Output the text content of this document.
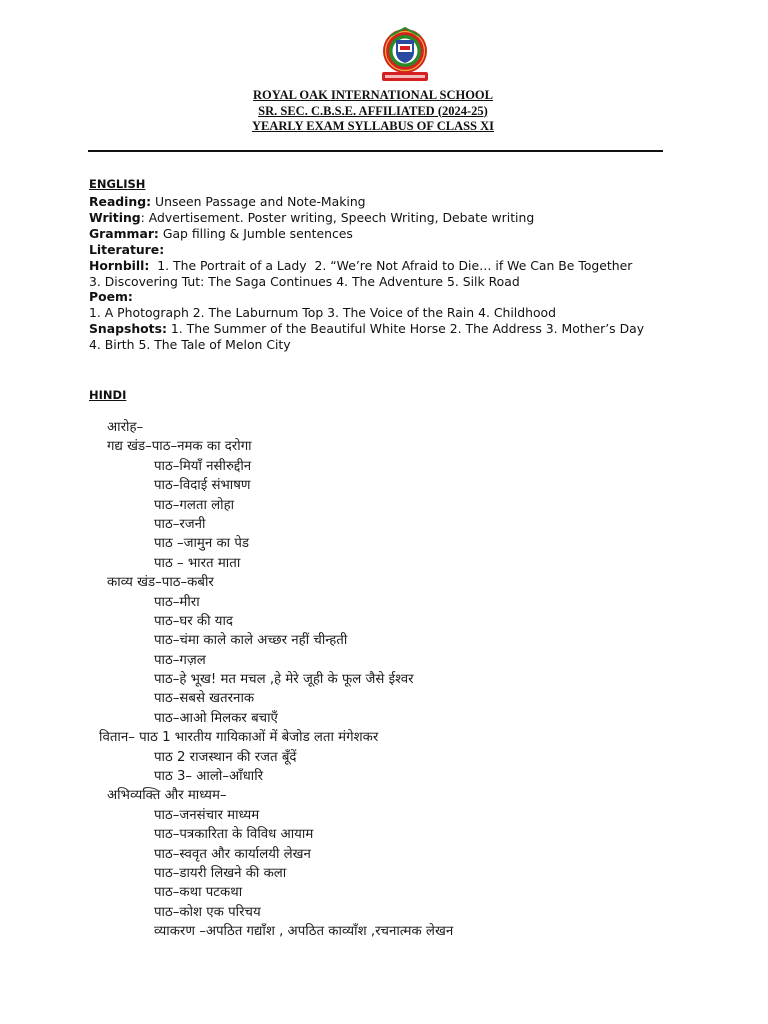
ROYAL OAK INTERNATIONAL SCHOOL
SR. SEC. C.B.S.E. AFFILIATED (2024-25)
YEARLY EXAM SYLLABUS OF CLASS XI
ENGLISH
Reading: Unseen Passage and Note-Making
Writing: Advertisement. Poster writing, Speech Writing, Debate writing
Grammar: Gap filling & Jumble sentences
Literature:
Hornbill:  1. The Portrait of a Lady  2. “We’re Not Afraid to Die… if We Can Be Together
3. Discovering Tut: The Saga Continues 4. The Adventure 5. Silk Road
Poem:
1. A Photograph 2. The Laburnum Top 3. The Voice of the Rain 4. Childhood
Snapshots: 1. The Summer of the Beautiful White Horse 2. The Address 3. Mother’s Day
4. Birth 5. The Tale of Melon City
HINDI
आरोह–
गद्य खंड–पाठ–नमक का दरोगा
पाठ–मियाँ नसीरुद्दीन
पाठ–विदाई संभाषण
पाठ–गलता लोहा
पाठ–रजनी
पाठ –जामुन का पेड
पाठ – भारत माता
काव्य खंड–पाठ–कबीर
पाठ–मीरा
पाठ–घर की याद
पाठ–चंमा काले काले अच्छर नहीं चीन्हती
पाठ–गज़ल
पाठ–हे भूख! मत मचल ,हे मेरे जूही के फूल जैसे ईश्वर
पाठ–सबसे खतरनाक
पाठ–आओ मिलकर बचाएँ
वितान– पाठ 1 भारतीय गायिकाओं में बेजोड लता मंगेशकर
पाठ 2 राजस्थान की रजत बूँदें
पाठ 3– आलो–आँधारि
अभिव्यक्ति और माध्यम–
पाठ–जनसंचार माध्यम
पाठ–पत्रकारिता के विविध आयाम
पाठ–स्ववृत और कार्यालयी लेखन
पाठ–डायरी लिखने की कला
पाठ–कथा पटकथा
पाठ–कोश एक परिचय
व्याकरण –अपठित गद्याँश , अपठित काव्याँश ,रचनात्मक लेखन
